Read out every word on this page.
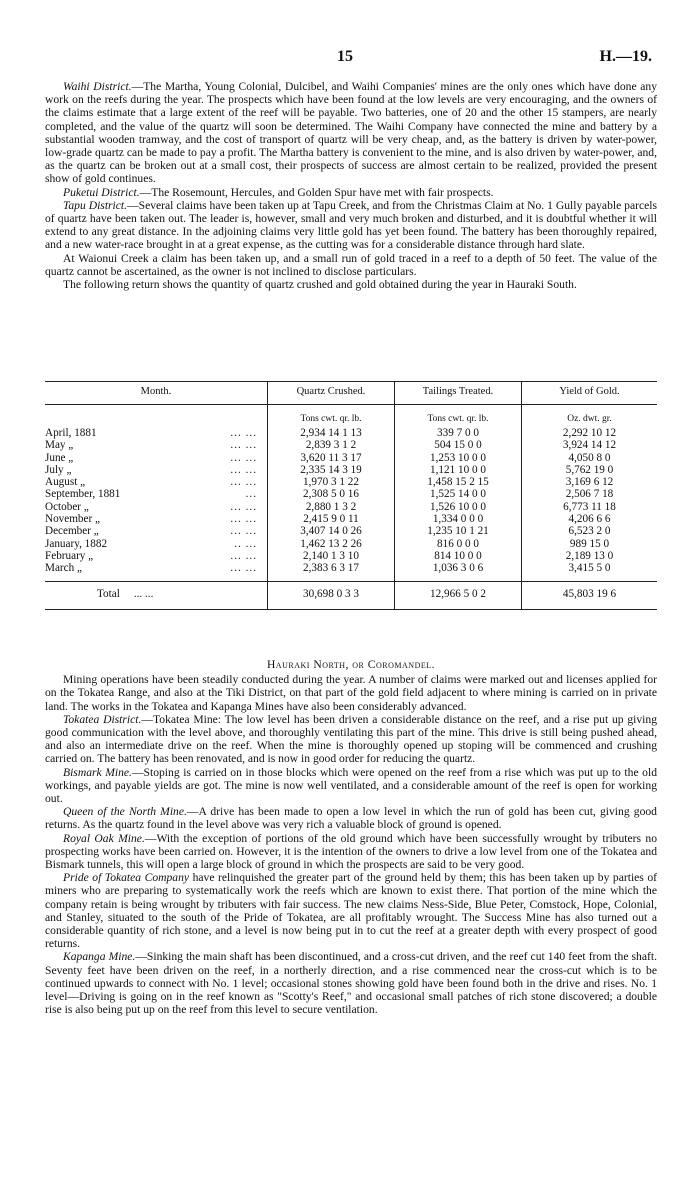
15	H.—19.

Waihi District.—The Martha, Young Colonial, Dulcibel, and Waihi Companies' mines are the only ones which have done any work on the reefs during the year. The prospects which have been found at the low levels are very encouraging, and the owners of the claims estimate that a large extent of the reef will be payable. Two batteries, one of 20 and the other 15 stampers, are nearly completed, and the value of the quartz will soon be determined. The Waihi Company have connected the mine and battery by a substantial wooden tramway, and the cost of transport of quartz will be very cheap, and, as the battery is driven by water-power, low-grade quartz can be made to pay a profit. The Martha battery is convenient to the mine, and is also driven by water-power, and, as the quartz can be broken out at a small cost, their prospects of success are almost certain to be realized, provided the present show of gold continues.

Puketui District.—The Rosemount, Hercules, and Golden Spur have met with fair prospects.

Tapu District.—Several claims have been taken up at Tapu Creek, and from the Christmas Claim at No. 1 Gully payable parcels of quartz have been taken out. The leader is, however, small and very much broken and disturbed, and it is doubtful whether it will extend to any great distance. In the adjoining claims very little gold has yet been found. The battery has been thoroughly repaired, and a new water-race brought in at a great expense, as the cutting was for a considerable distance through hard slate.

At Waionui Creek a claim has been taken up, and a small run of gold traced in a reef to a depth of 50 feet. The value of the quartz cannot be ascertained, as the owner is not inclined to disclose particulars.

The following return shows the quantity of quartz crushed and gold obtained during the year in Hauraki South.

Month.	Quartz Crushed.	Tailings Treated.	Yield of Gold.
	Tons cwt. qr. lb.	Tons cwt. qr. lb.	Oz. dwt. gr.
April, 1881 ... ...	2,934 14 1 13	339 7 0 0	2,292 10 12
May „ ... ...	2,839 3 1 2	504 15 0 0	3,924 14 12
June „ ... ...	3,620 11 3 17	1,253 10 0 0	4,050 8 0
July „ ... ...	2,335 14 3 19	1,121 10 0 0	5,762 19 0
August „ ... ...	1,970 3 1 22	1,458 15 2 15	3,169 6 12
September, 1881 ...	2,308 5 0 16	1,525 14 0 0	2,506 7 18
October „ ... ...	2,880 1 3 2	1,526 10 0 0	6,773 11 18
November „ ... ...	2,415 9 0 11	1,334 0 0 0	4,206 6 6
December „ ... ...	3,407 14 0 26	1,235 10 1 21	6,523 2 0
January, 1882 .. ...	1,462 13 2 26	816 0 0 0	989 15 0
February „ ... ...	2,140 1 3 10	814 10 0 0	2,189 13 0
March „ ... ...	2,383 6 3 17	1,036 3 0 6	3,415 5 0

Total ... ...	30,698 0 3 3	12,966 5 0 2	45,803 19 6

Hauraki North, or Coromandel.

Mining operations have been steadily conducted during the year. A number of claims were marked out and licenses applied for on the Tokatea Range, and also at the Tiki District, on that part of the gold field adjacent to where mining is carried on in private land. The works in the Tokatea and Kapanga Mines have also been considerably advanced.

Tokatea District.—Tokatea Mine: The low level has been driven a considerable distance on the reef, and a rise put up giving good communication with the level above, and thoroughly ventilating this part of the mine. This drive is still being pushed ahead, and also an intermediate drive on the reef. When the mine is thoroughly opened up stoping will be commenced and crushing carried on. The battery has been renovated, and is now in good order for reducing the quartz.

Bismark Mine.—Stoping is carried on in those blocks which were opened on the reef from a rise which was put up to the old workings, and payable yields are got. The mine is now well ventilated, and a considerable amount of the reef is open for working out.

Queen of the North Mine.—A drive has been made to open a low level in which the run of gold has been cut, giving good returns. As the quartz found in the level above was very rich a valuable block of ground is opened.

Royal Oak Mine.—With the exception of portions of the old ground which have been successfully wrought by tributers no prospecting works have been carried on. However, it is the intention of the owners to drive a low level from one of the Tokatea and Bismark tunnels, this will open a large block of ground in which the prospects are said to be very good.

Pride of Tokatea Company have relinquished the greater part of the ground held by them; this has been taken up by parties of miners who are preparing to systematically work the reefs which are known to exist there. That portion of the mine which the company retain is being wrought by tributers with fair success. The new claims Ness-Side, Blue Peter, Comstock, Hope, Colonial, and Stanley, situated to the south of the Pride of Tokatea, are all profitably wrought. The Success Mine has also turned out a considerable quantity of rich stone, and a level is now being put in to cut the reef at a greater depth with every prospect of good returns.

Kapanga Mine.—Sinking the main shaft has been discontinued, and a cross-cut driven, and the reef cut 140 feet from the shaft. Seventy feet have been driven on the reef, in a northerly direction, and a rise commenced near the cross-cut which is to be continued upwards to connect with No. 1 level; occasional stones showing gold have been found both in the drive and rises. No. 1 level—Driving is going on in the reef known as "Scotty's Reef," and occasional small patches of rich stone discovered; a double rise is also being put up on the reef from this level to secure ventilation.
